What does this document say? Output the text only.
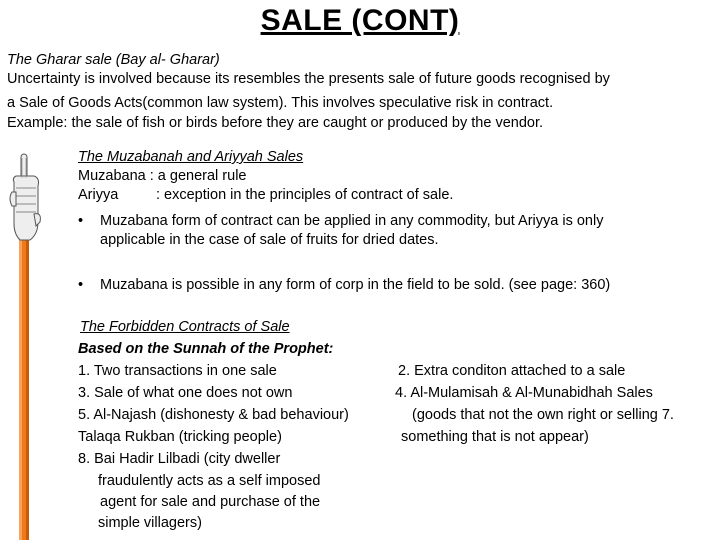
SALE (CONT)
The Gharar sale (Bay al- Gharar)
Uncertainty is involved because its resembles the presents sale of future goods recognised by
a Sale of Goods Acts(common law system). This involves speculative risk in contract.
Example: the sale of fish or birds before they are caught or produced by the vendor.
The Muzabanah and Ariyyah Sales
Muzabana : a general rule
Ariyya	: exception in the principles of contract of sale.
• Muzabana form of contract can be applied in any commodity, but Ariyya is only
applicable in the case of sale of fruits for dried dates.
• Muzabana is possible in any form of corp in the field to be sold. (see page: 360)
The Forbidden Contracts of Sale
Based on the Sunnah of the Prophet:
1. Two transactions in one sale
3. Sale of what one does not own
5. Al-Najash (dishonesty & bad behaviour)
Talaqa Rukban (tricking people)
8. Bai Hadir Lilbadi (city dweller
fraudulently acts as a self imposed
agent for sale and purchase of the
simple villagers)
2. Extra conditon attached to a sale
4. Al-Mulamisah & Al-Munabidhah Sales
(goods that not the own right or selling 7.
something that is not appear)
